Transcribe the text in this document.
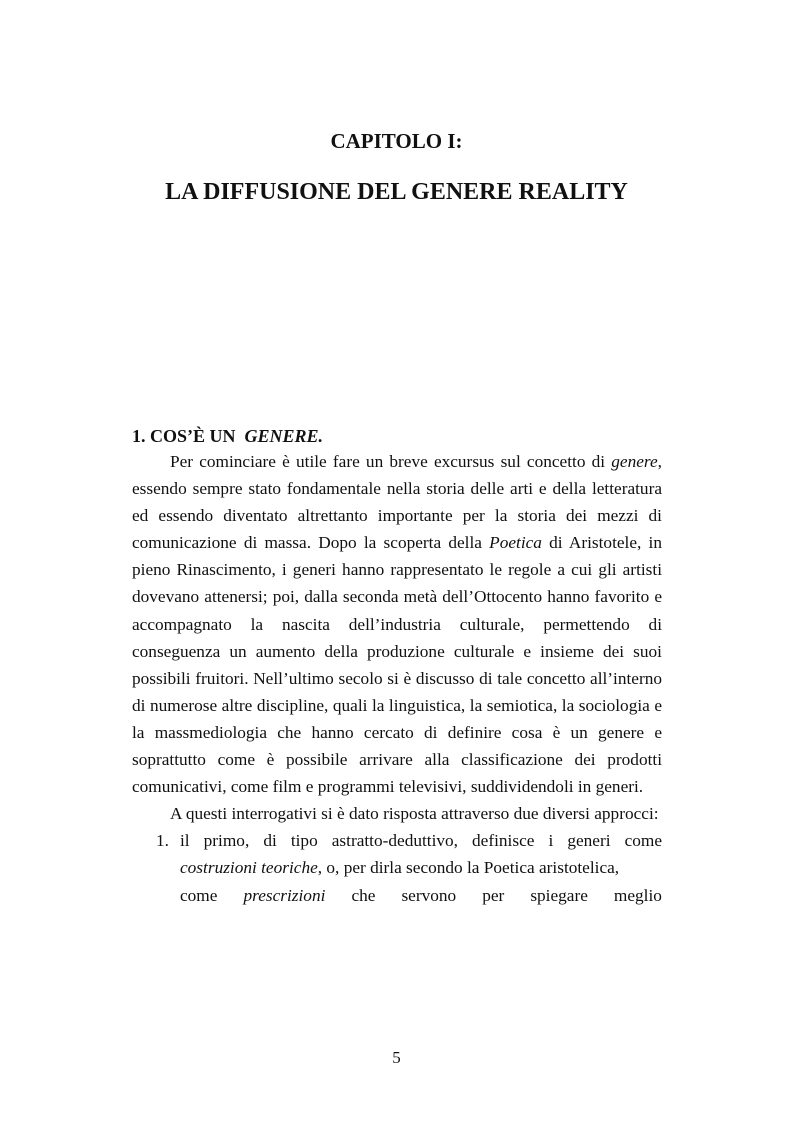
CAPITOLO I:
LA DIFFUSIONE DEL GENERE REALITY
1. COS’È UN GENERE.

Per cominciare è utile fare un breve excursus sul concetto di genere, essendo sempre stato fondamentale nella storia delle arti e della letteratura ed essendo diventato altrettanto importante per la storia dei mezzi di comunicazione di massa. Dopo la scoperta della Poetica di Aristotele, in pieno Rinascimento, i generi hanno rappresentato le regole a cui gli artisti dovevano attenersi; poi, dalla seconda metà dell’Ottocento hanno favorito e accompagnato la nascita dell’industria culturale, permettendo di conseguenza un aumento della produzione culturale e insieme dei suoi possibili fruitori. Nell’ultimo secolo si è discusso di tale concetto all’interno di numerose altre discipline, quali la linguistica, la semiotica, la sociologia e la massmediologia che hanno cercato di definire cosa è un genere e soprattutto come è possibile arrivare alla classificazione dei prodotti comunicativi, come film e programmi televisivi, suddividendoli in generi.

A questi interrogativi si è dato risposta attraverso due diversi approcci:

1. il primo, di tipo astratto-deduttivo, definisce i generi come costruzioni teoriche, o, per dirla secondo la Poetica aristotelica,
come prescrizioni che servono per spiegare meglio

5
